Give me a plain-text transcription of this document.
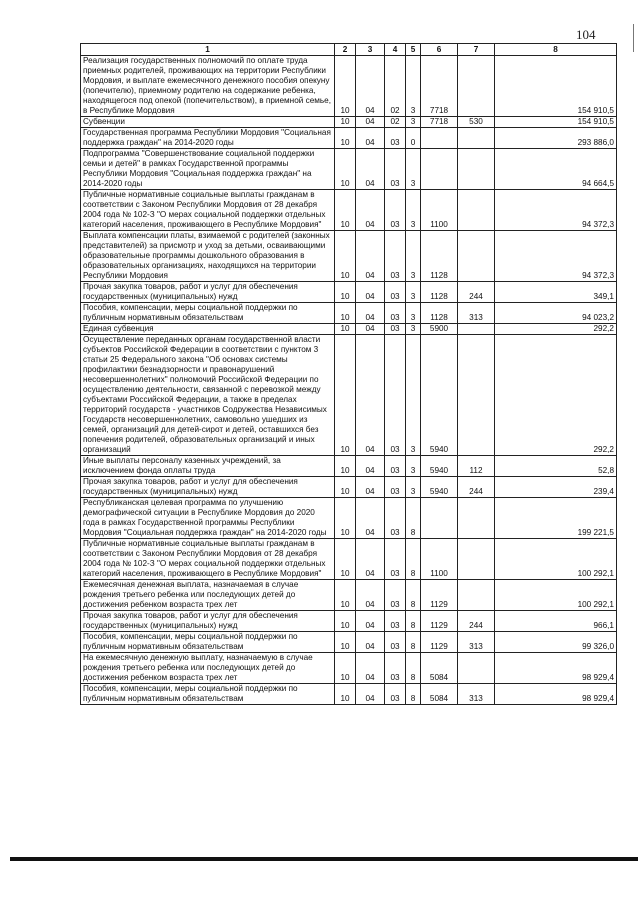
104
1	2	3	4	5	6	7	8
Реализация государственных полномочий по оплате труда приемных родителей, проживающих на территории Республики Мордовия, и выплате ежемесячного денежного пособия опекуну (попечителю), приемному родителю на содержание ребенка, находящегося под опекой (попечительством), в приемной семье, в Республике Мордовия	10	04	02	3	7718		154 910,5
Субвенции	10	04	02	3	7718	530	154 910,5
Государственная программа Республики Мордовия "Социальная поддержка граждан" на 2014-2020 годы	10	04	03	0			293 886,0
Подпрограмма "Совершенствование социальной поддержки семьи и детей" в рамках Государственной программы Республики Мордовия "Социальная поддержка граждан" на 2014-2020 годы	10	04	03	3			94 664,5
Публичные нормативные социальные выплаты гражданам в соответствии с Законом Республики Мордовия от 28 декабря 2004 года № 102-З "О мерах социальной поддержки отдельных категорий населения, проживающего в Республике Мордовия"	10	04	03	3	1100		94 372,3
Выплата компенсации платы, взимаемой с родителей (законных представителей) за присмотр и уход за детьми, осваивающими образовательные программы дошкольного образования в образовательных организациях, находящихся на территории Республики Мордовия	10	04	03	3	1128		94 372,3
Прочая закупка товаров, работ и услуг для обеспечения государственных (муниципальных) нужд	10	04	03	3	1128	244	349,1
Пособия, компенсации, меры социальной поддержки по публичным нормативным обязательствам	10	04	03	3	1128	313	94 023,2
Единая субвенция	10	04	03	3	5900		292,2
Осуществление переданных органам государственной власти субъектов Российской Федерации в соответствии с пунктом 3 статьи 25 Федерального закона "Об основах системы профилактики безнадзорности и правонарушений несовершеннолетних" полномочий Российской Федерации по осуществлению деятельности, связанной с перевозкой между субъектами Российской Федерации, а также в пределах территорий государств - участников Содружества Независимых Государств несовершеннолетних, самовольно ушедших из семей, организаций для детей-сирот и детей, оставшихся без попечения родителей, образовательных организаций и иных организаций	10	04	03	3	5940		292,2
Иные выплаты персоналу казенных учреждений, за исключением фонда оплаты труда	10	04	03	3	5940	112	52,8
Прочая закупка товаров, работ и услуг для обеспечения государственных (муниципальных) нужд	10	04	03	3	5940	244	239,4
Республиканская целевая программа по улучшению демографической ситуации в Республике Мордовия до 2020 года в рамках Государственной программы Республики Мордовия "Социальная поддержка граждан" на 2014-2020 годы	10	04	03	8			199 221,5
Публичные нормативные социальные выплаты гражданам в соответствии с Законом Республики Мордовия от 28 декабря 2004 года № 102-З "О мерах социальной поддержки отдельных категорий населения, проживающего в Республике Мордовия"	10	04	03	8	1100		100 292,1
Ежемесячная денежная выплата, назначаемая в случае рождения третьего ребенка или последующих детей до достижения ребенком возраста трех лет	10	04	03	8	1129		100 292,1
Прочая закупка товаров, работ и услуг для обеспечения государственных (муниципальных) нужд	10	04	03	8	1129	244	966,1
Пособия, компенсации, меры социальной поддержки по публичным нормативным обязательствам	10	04	03	8	1129	313	99 326,0
На ежемесячную денежную выплату, назначаемую в случае рождения третьего ребенка или последующих детей до достижения ребенком возраста трех лет	10	04	03	8	5084		98 929,4
Пособия, компенсации, меры социальной поддержки по публичным нормативным обязательствам	10	04	03	8	5084	313	98 929,4
